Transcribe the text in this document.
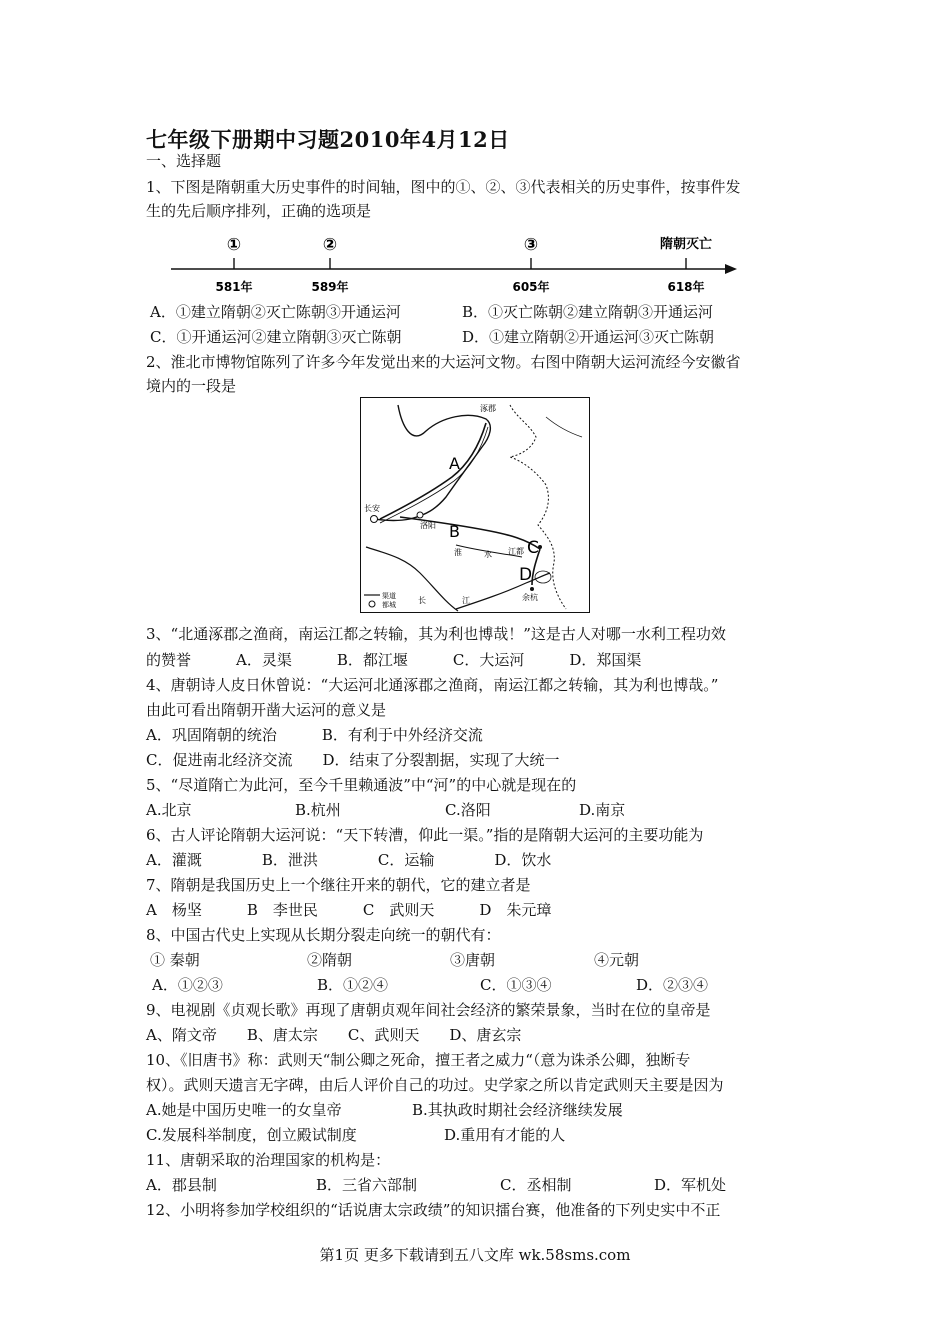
七年级下册期中习题2010年4月12日
一、选择题
1、下图是隋朝重大历史事件的时间轴，图中的①、②、③代表相关的历史事件，按事件发
生的先后顺序排列，正确的选项是
①
581年
②
589年
③
605年
隋朝灭亡
618年
A．①建立隋朝②灭亡陈朝③开通运河	B．①灭亡陈朝②建立隋朝③开通运河
C．①开通运河②建立隋朝③灭亡陈朝	D．①建立隋朝②开通运河③灭亡陈朝
2、淮北市博物馆陈列了许多今年发觉出来的大运河文物。右图中隋朝大运河流经今安徽省
境内的一段是
渠道
都城
涿郡
A
长安
洛阳 B
淮	水 江都 C
D
余杭
长	江
3、“北通涿郡之渔商，南运江都之转输，其为利也博哉！”这是古人对哪一水利工程功效
的赞誉　　　A．灵渠　　　B．都江堰　　　C．大运河　　　D．郑国渠
4、唐朝诗人皮日休曾说：“大运河北通涿郡之渔商，南运江都之转输，其为利也博哉。”
由此可看出隋朝开凿大运河的意义是
A．巩固隋朝的统治　　　B．有利于中外经济交流
C．促进南北经济交流　　D．结束了分裂割据，实现了大统一
5、“尽道隋亡为此河，至今千里赖通波”中“河”的中心就是现在的
A.北京	B.杭州	C.洛阳	D.南京
6、古人评论隋朝大运河说：“天下转漕，仰此一渠。”指的是隋朝大运河的主要功能为
A．灌溉　　　　B．泄洪　　　　C．运输　　　　D．饮水
7、隋朝是我国历史上一个继往开来的朝代，它的建立者是
A　杨坚　　　B　李世民　　　C　武则天　　　D　朱元璋
8、中国古代史上实现从长期分裂走向统一的朝代有：
① 秦朝	②隋朝	③唐朝	④元朝
A．①②③	B．①②④	C．①③④	D．②③④
9、电视剧《贞观长歌》再现了唐朝贞观年间社会经济的繁荣景象，当时在位的皇帝是
A、隋文帝　　B、唐太宗　　C、武则天　　D、唐玄宗
10、《旧唐书》称：武则天“制公卿之死命，擅王者之威力“（意为诛杀公卿，独断专
权）。武则天遗言无字碑，由后人评价自己的功过。史学家之所以肯定武则天主要是因为
A.她是中国历史唯一的女皇帝	B.其执政时期社会经济继续发展
C.发展科举制度，创立殿试制度	D.重用有才能的人
11、唐朝采取的治理国家的机构是：
A．郡县制	B．三省六部制	C．丞相制	D．军机处
12、小明将参加学校组织的“话说唐太宗政绩”的知识擂台赛，他准备的下列史实中不正
第1页 更多下载请到五八文库 wk.58sms.com
